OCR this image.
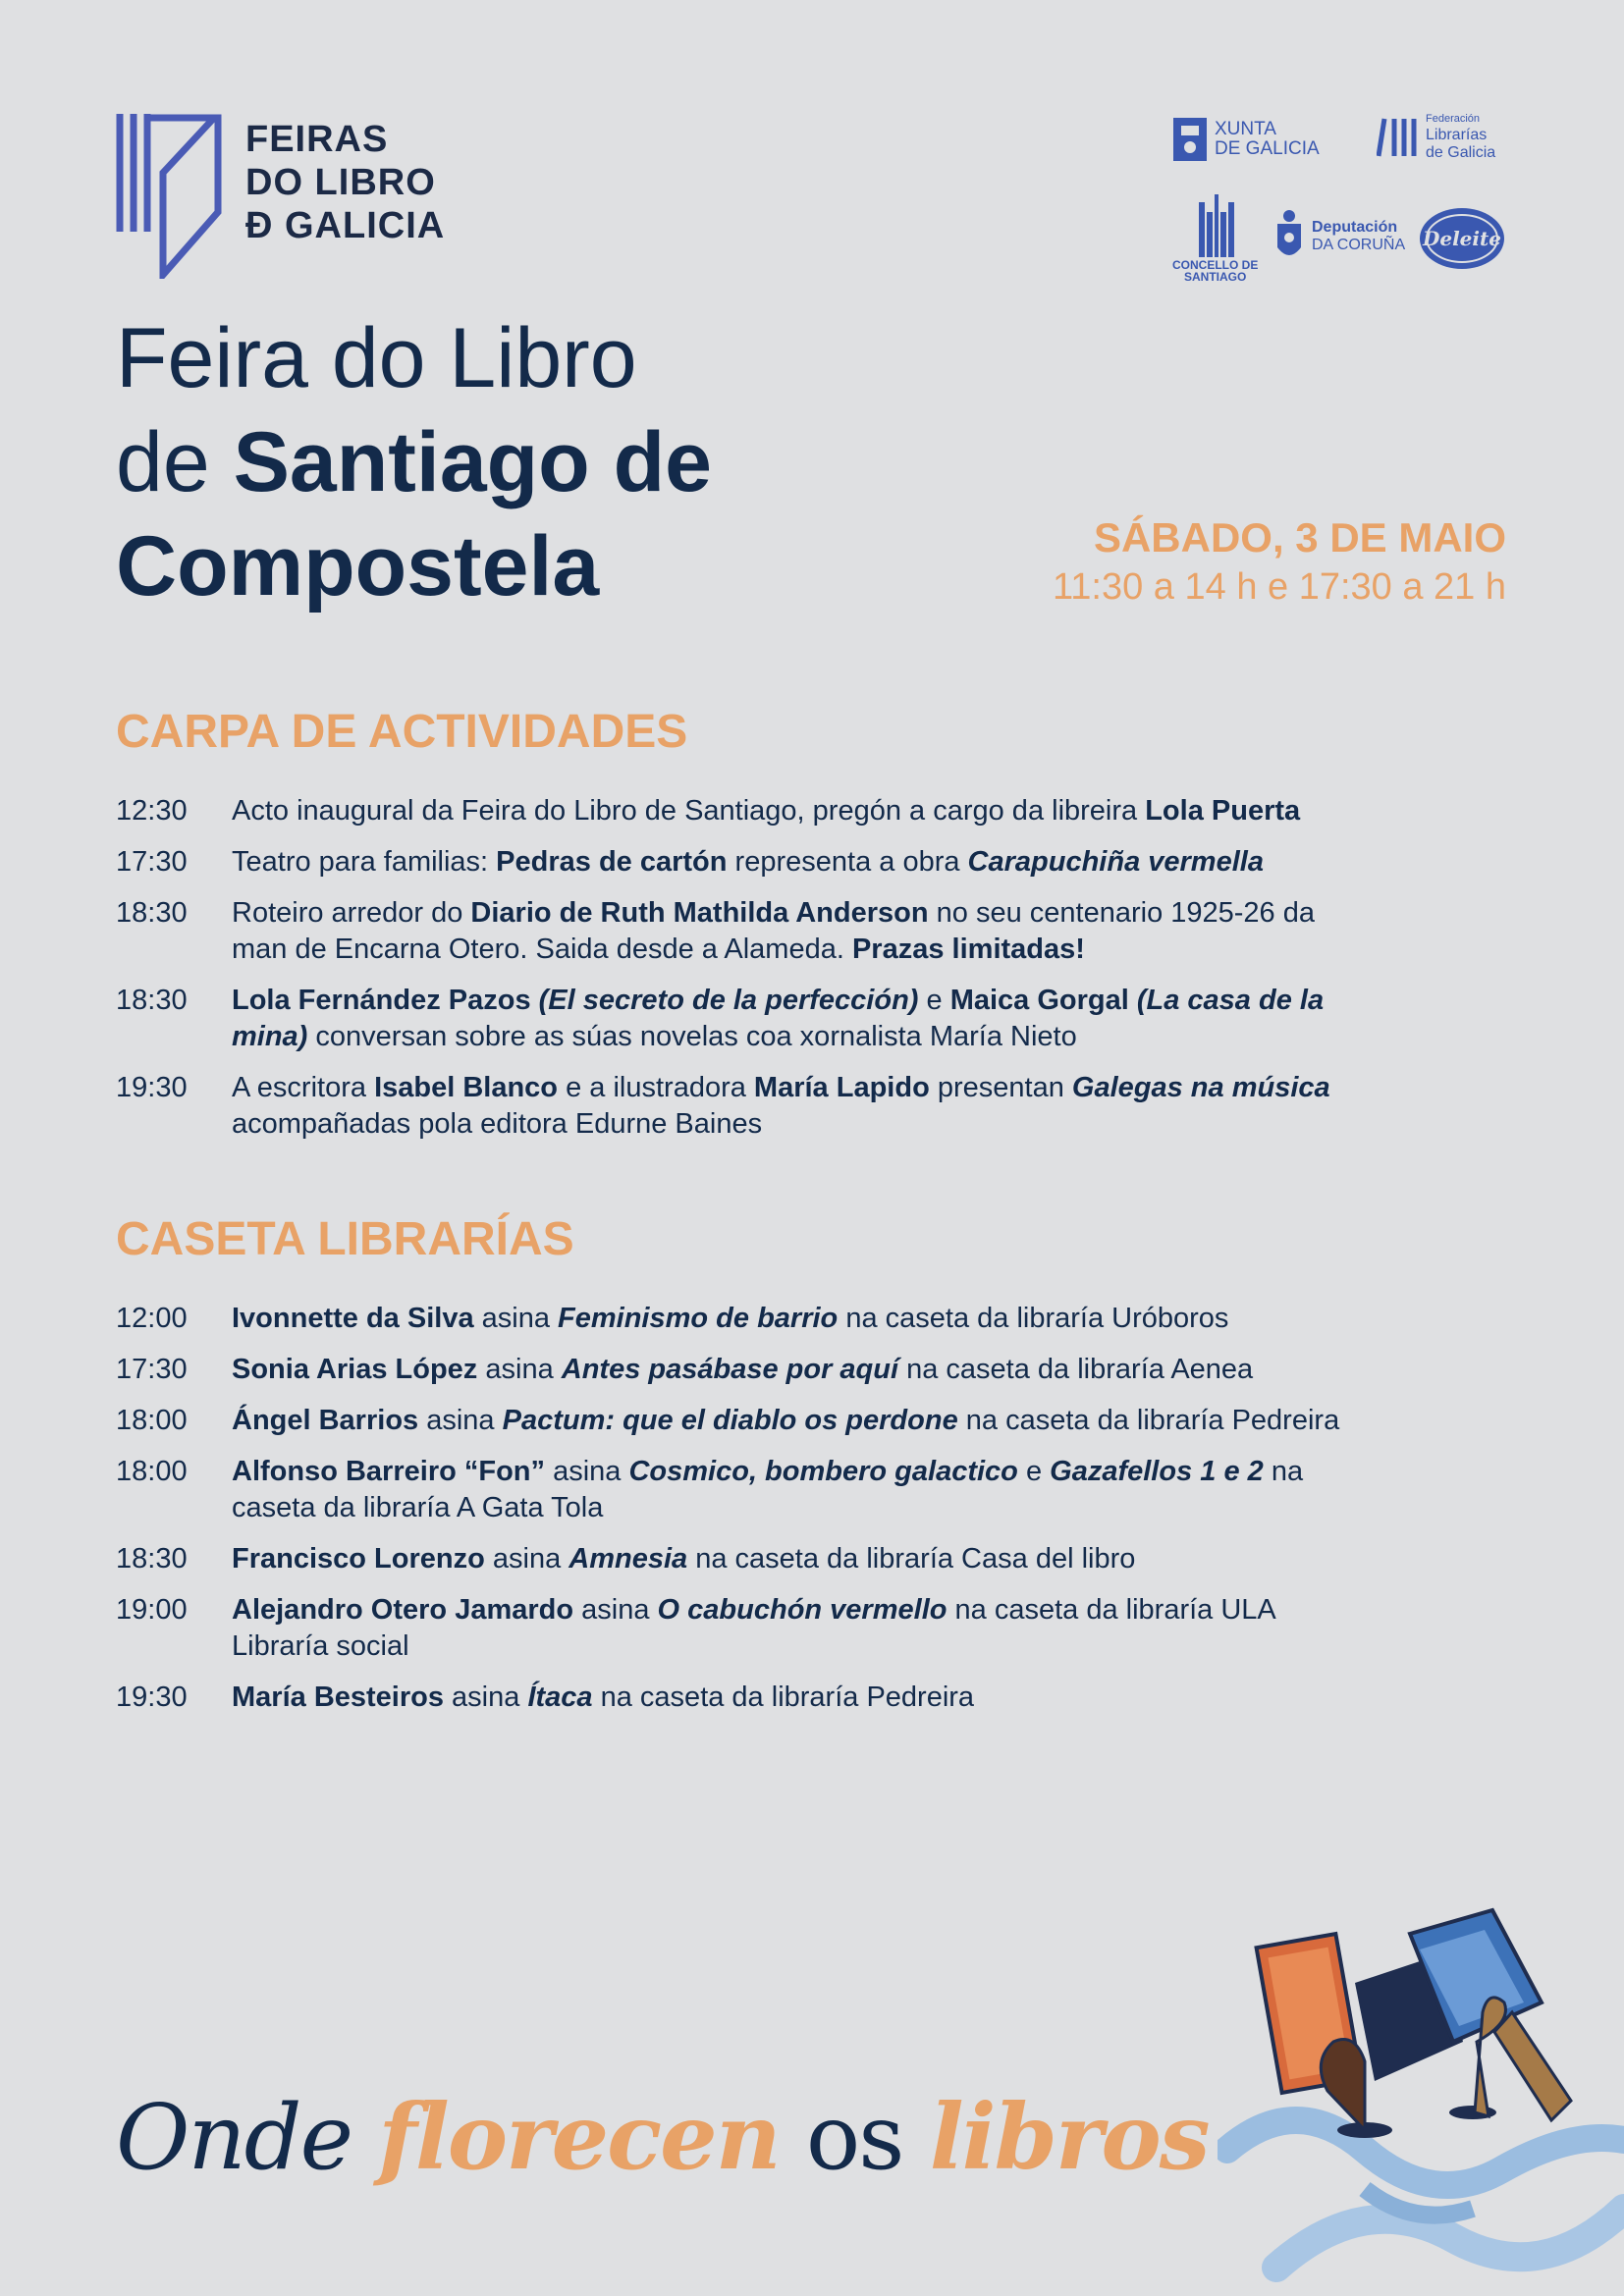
FEIRAS
DO LIBRO
Ð GALICIA
XUNTA
DE GALICIA
Federación
Librarías
de Galicia
CONCELLO DE
SANTIAGO
Deputación
DA CORUÑA Deleite
Feira do Libro
de Santiago de
Compostela	SÁBADO, 3 DE MAIO
11:30 a 14 h e 17:30 a 21 h
CARPA DE ACTIVIDADES
12:30	Acto inaugural da Feira do Libro de Santiago, pregón a cargo da libreira Lola Puerta
17:30	Teatro para familias: Pedras de cartón representa a obra Carapuchiña vermella
18:30	Roteiro arredor do Diario de Ruth Mathilda Anderson no seu centenario 1925-26 da man de Encarna Otero. Saida desde a Alameda. Prazas limitadas!
18:30	Lola Fernández Pazos (El secreto de la perfección) e Maica Gorgal (La casa de la mina) conversan sobre as súas novelas coa xornalista María Nieto
19:30	A escritora Isabel Blanco e a ilustradora María Lapido presentan Galegas na música acompañadas pola editora Edurne Baines
CASETA LIBRARÍAS
12:00	Ivonnette da Silva asina Feminismo de barrio na caseta da libraría Uróboros
17:30	Sonia Arias López asina Antes pasábase por aquí na caseta da libraría Aenea
18:00	Ángel Barrios asina Pactum: que el diablo os perdone na caseta da libraría Pedreira
18:00	Alfonso Barreiro “Fon” asina Cosmico, bombero galactico e Gazafellos 1 e 2 na caseta da libraría A Gata Tola
18:30	Francisco Lorenzo asina Amnesia na caseta da libraría Casa del libro
19:00	Alejandro Otero Jamardo asina O cabuchón vermello na caseta da libraría ULA Libraría social
19:30	María Besteiros asina Ítaca na caseta da libraría Pedreira
Onde florecen os libros
